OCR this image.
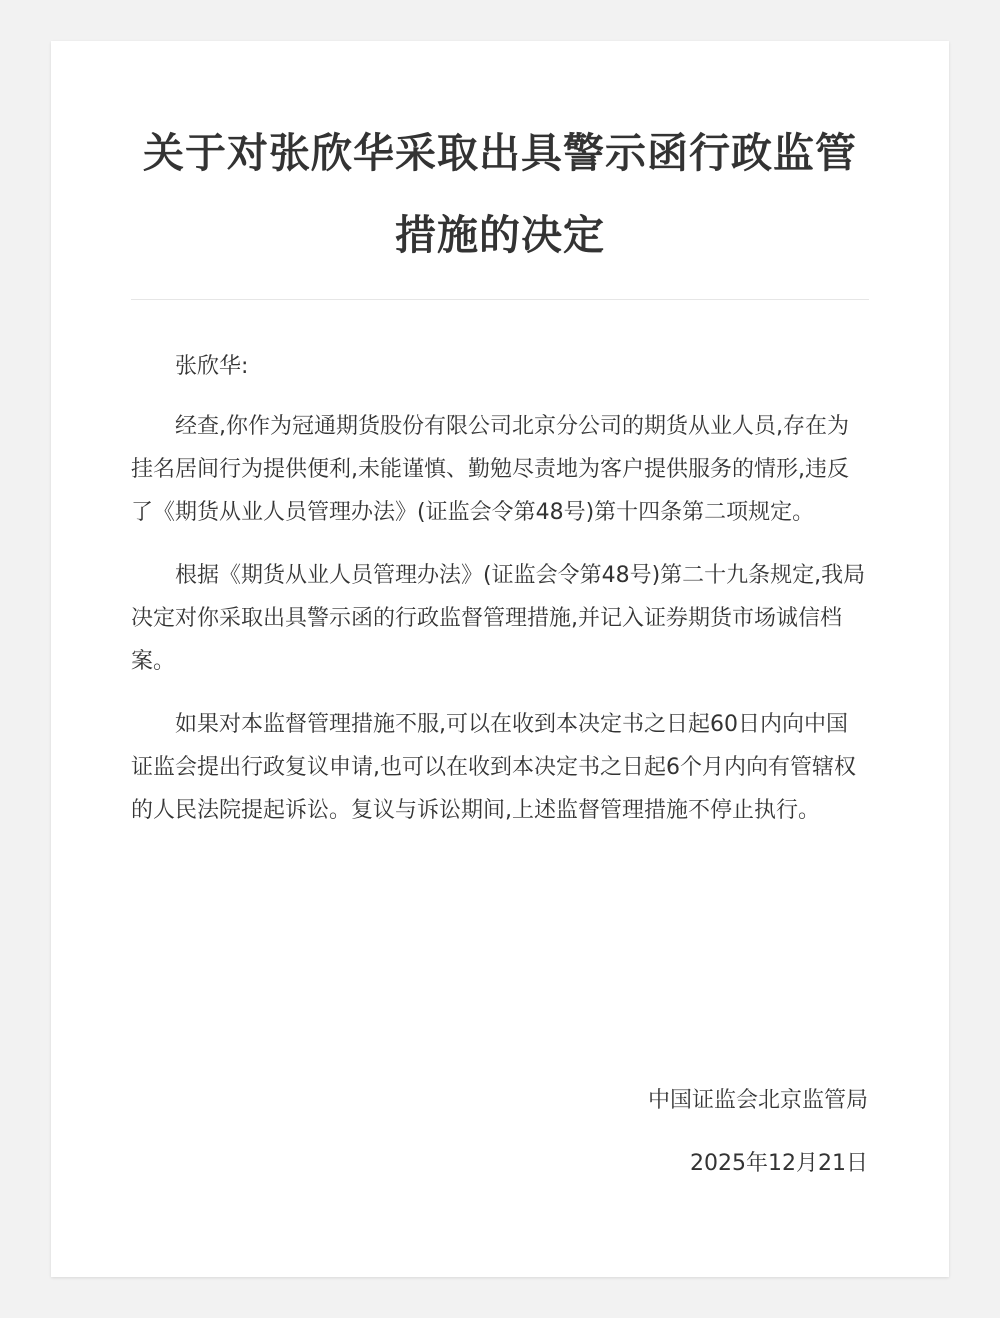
关于对张欣华采取出具警示函行政监管措施的决定

张欣华:

经查,你作为冠通期货股份有限公司北京分公司的期货从业人员,存在为挂名居间行为提供便利,未能谨慎、勤勉尽责地为客户提供服务的情形,违反了《期货从业人员管理办法》(证监会令第48号)第十四条第二项规定。

根据《期货从业人员管理办法》(证监会令第48号)第二十九条规定,我局决定对你采取出具警示函的行政监督管理措施,并记入证券期货市场诚信档案。

如果对本监督管理措施不服,可以在收到本决定书之日起60日内向中国证监会提出行政复议申请,也可以在收到本决定书之日起6个月内向有管辖权的人民法院提起诉讼。复议与诉讼期间,上述监督管理措施不停止执行。

中国证监会北京监管局
2025年12月21日
